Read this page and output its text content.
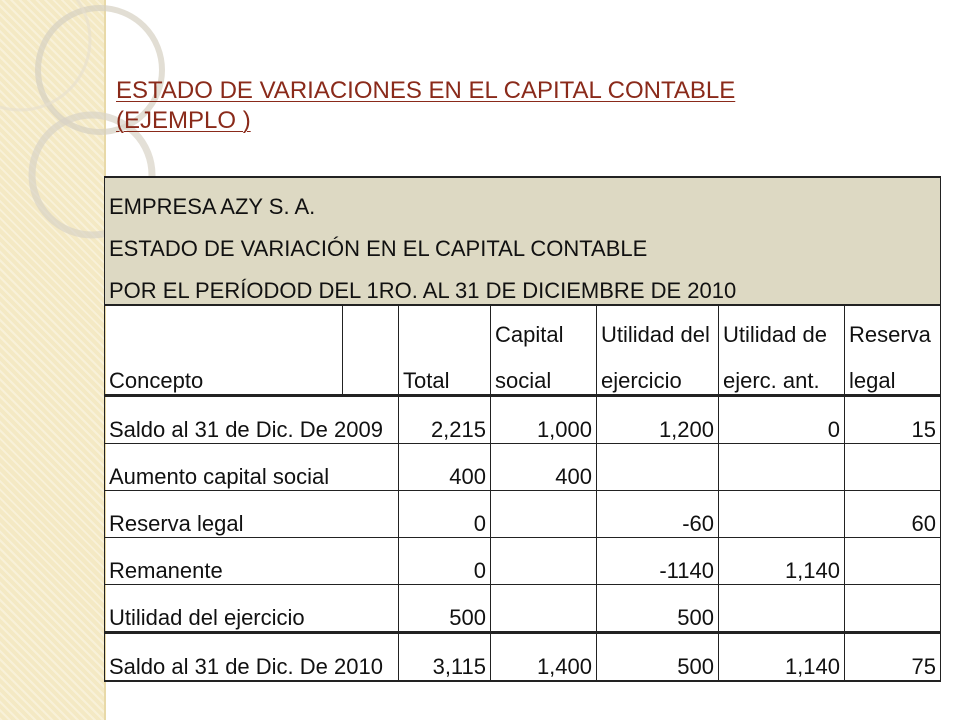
ESTADO DE VARIACIONES EN EL CAPITAL CONTABLE
(EJEMPLO )
EMPRESA AZY S. A.						
ESTADO DE VARIACIÓN EN EL CAPITAL CONTABLE						
POR EL PERÍODOD DEL 1RO. AL 31 DE DICIEMBRE DE 2010						
			Capital	Utilidad del	Utilidad de	Reserva
Concepto		Total	social	ejercicio	ejerc. ant.	legal
Saldo al 31 de Dic. De 2009		2,215	1,000	1,200	0	15
Aumento capital social		400	400			
Reserva legal		0		-60		60
Remanente		0		-1140	1,140	
Utilidad del ejercicio		500		500		
Saldo al 31 de Dic. De 2010		3,115	1,400	500	1,140	75
